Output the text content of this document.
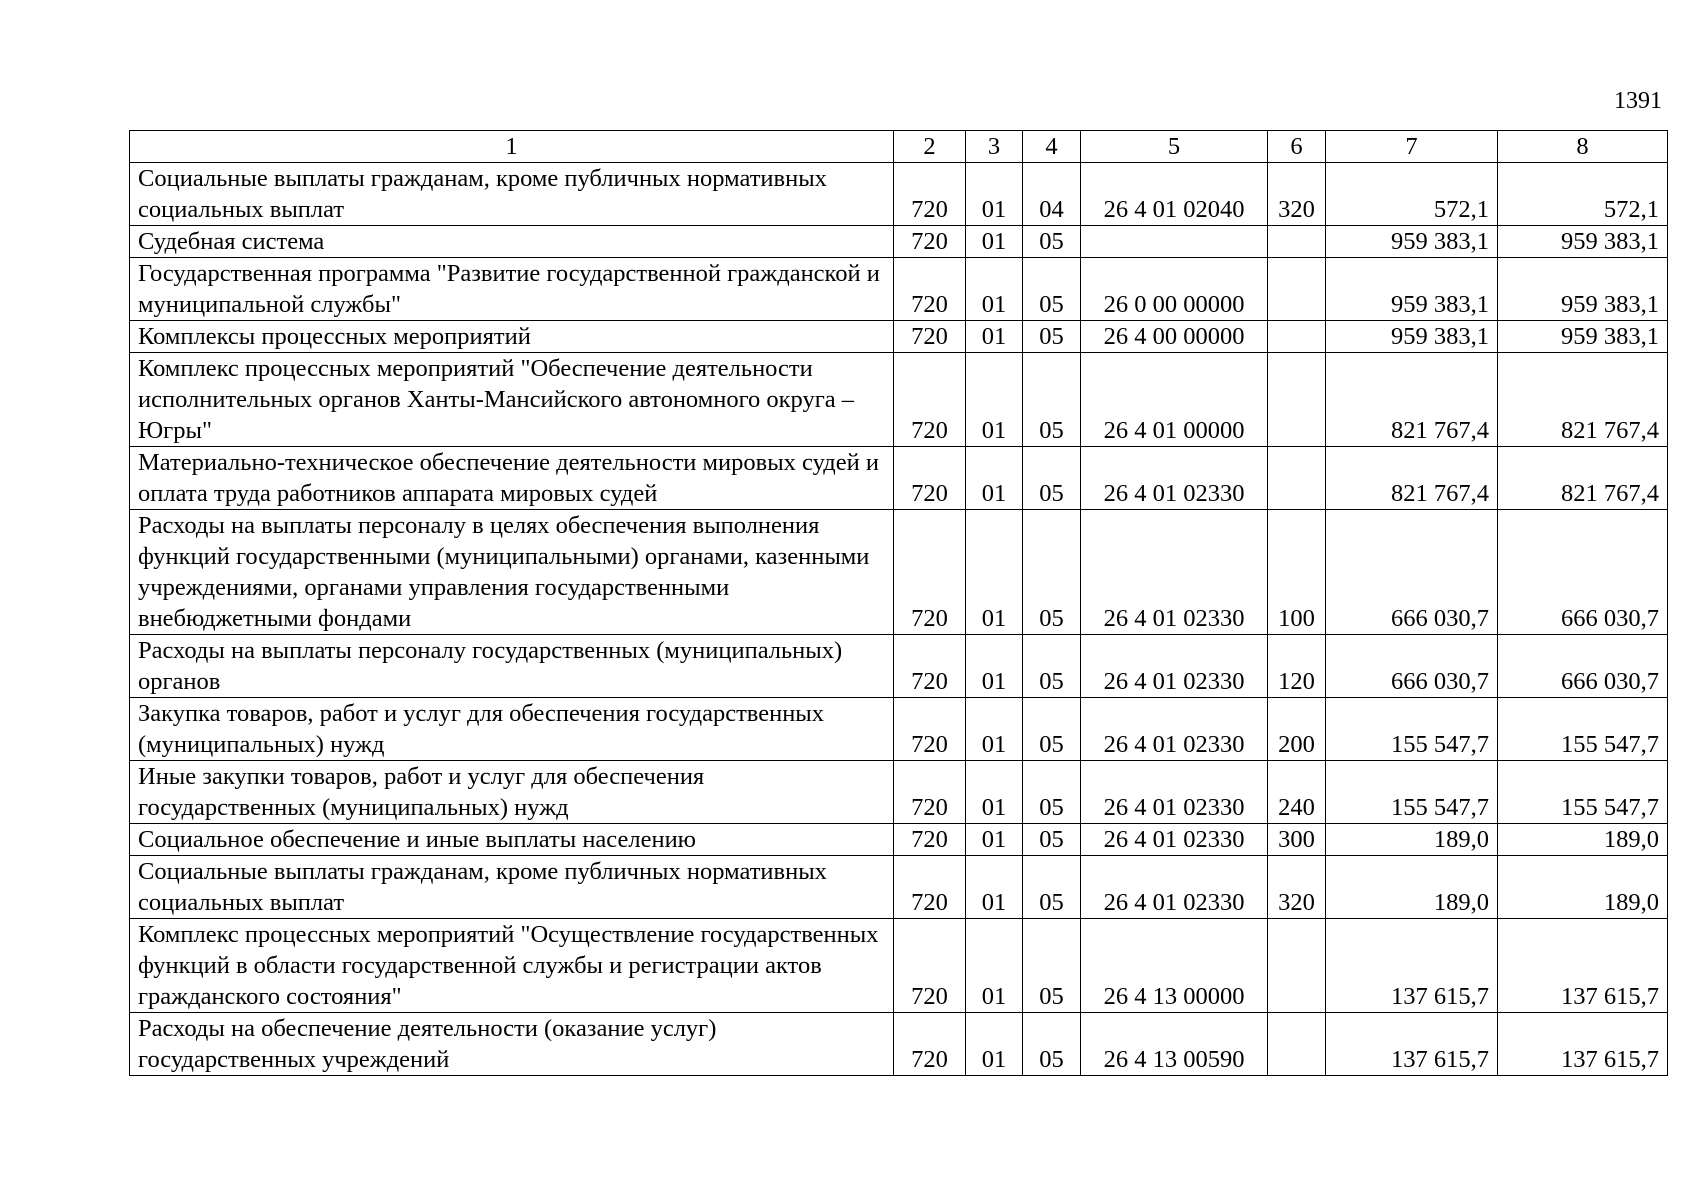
1391
1	2	3	4	5	6	7	8
Социальные выплаты гражданам, кроме публичных нормативных социальных выплат	720	01	04	26 4 01 02040	320	572,1	572,1
Судебная система	720	01	05			959 383,1	959 383,1
Государственная программа "Развитие государственной гражданской и муниципальной службы"	720	01	05	26 0 00 00000		959 383,1	959 383,1
Комплексы процессных мероприятий	720	01	05	26 4 00 00000		959 383,1	959 383,1
Комплекс процессных мероприятий "Обеспечение деятельности исполнительных органов Ханты-Мансийского автономного округа – Югры"	720	01	05	26 4 01 00000		821 767,4	821 767,4
Материально-техническое обеспечение деятельности мировых судей и оплата труда работников аппарата мировых судей	720	01	05	26 4 01 02330		821 767,4	821 767,4
Расходы на выплаты персоналу в целях обеспечения выполнения функций государственными (муниципальными) органами, казенными учреждениями, органами управления государственными внебюджетными фондами	720	01	05	26 4 01 02330	100	666 030,7	666 030,7
Расходы на выплаты персоналу государственных (муниципальных) органов	720	01	05	26 4 01 02330	120	666 030,7	666 030,7
Закупка товаров, работ и услуг для обеспечения государственных (муниципальных) нужд	720	01	05	26 4 01 02330	200	155 547,7	155 547,7
Иные закупки товаров, работ и услуг для обеспечения государственных (муниципальных) нужд	720	01	05	26 4 01 02330	240	155 547,7	155 547,7
Социальное обеспечение и иные выплаты населению	720	01	05	26 4 01 02330	300	189,0	189,0
Социальные выплаты гражданам, кроме публичных нормативных социальных выплат	720	01	05	26 4 01 02330	320	189,0	189,0
Комплекс процессных мероприятий "Осуществление государственных функций в области государственной службы и регистрации актов гражданского состояния"	720	01	05	26 4 13 00000		137 615,7	137 615,7
Расходы на обеспечение деятельности (оказание услуг) государственных учреждений	720	01	05	26 4 13 00590		137 615,7	137 615,7
